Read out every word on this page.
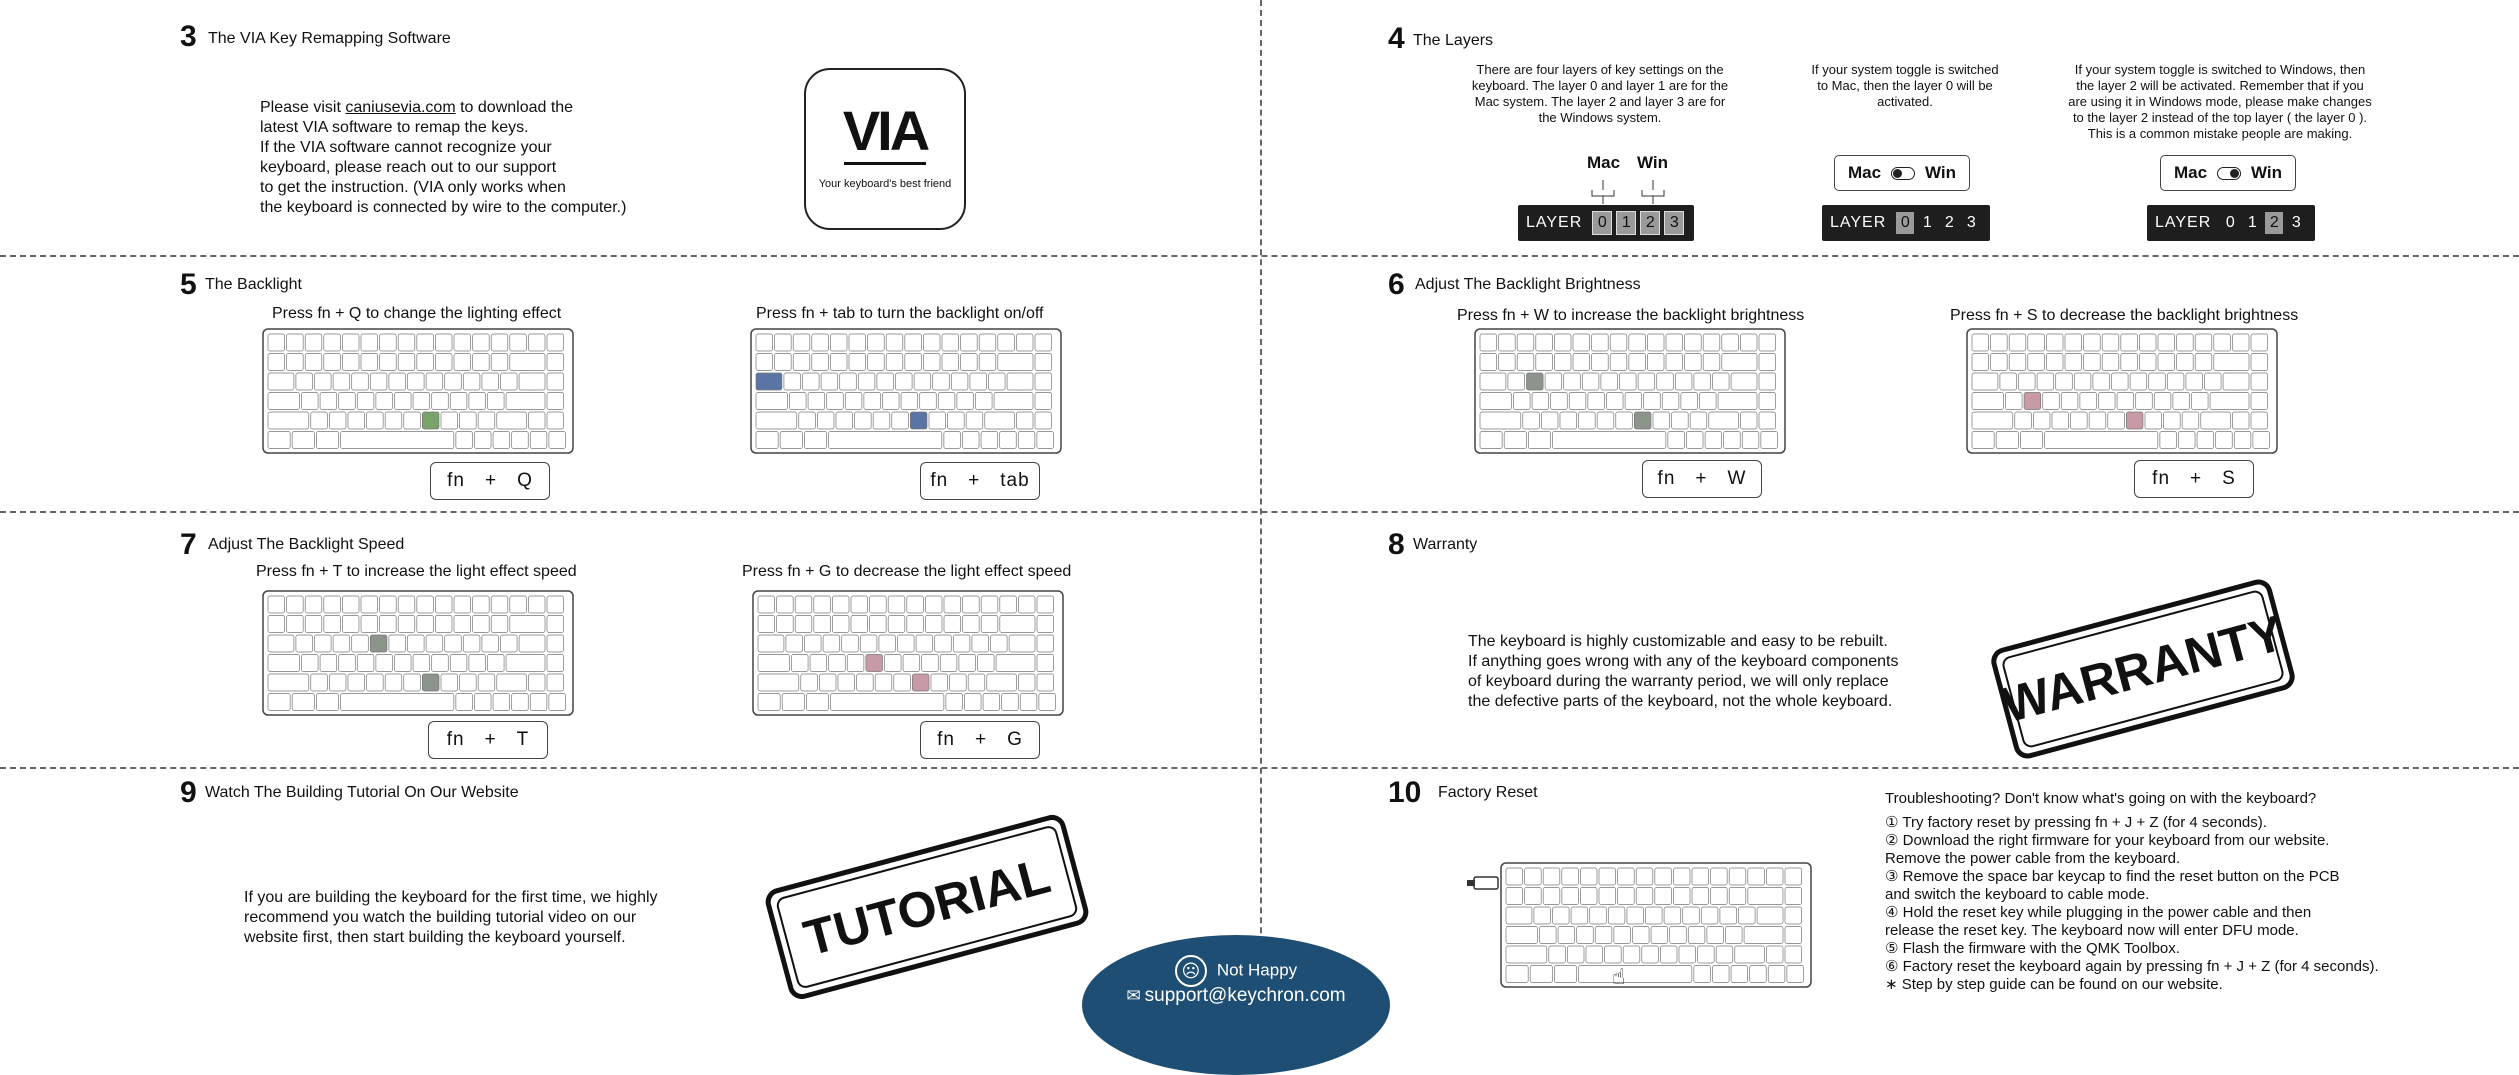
3 The VIA Key Remapping Software
Please visit caniusevia.com to download the
latest VIA software to remap the keys.
If the VIA software cannot recognize your
keyboard, please reach out to our support
to get the instruction. (VIA only works when
the keyboard is connected by wire to the computer.)
VIA
Your keyboard's best friend
4 The Layers
There are four layers of key settings on the
keyboard. The layer 0 and layer 1 are for the
Mac system. The layer 2 and layer 3 are for
the Windows system.
If your system toggle is switched
to Mac, then the layer 0 will be
activated.
If your system toggle is switched to Windows, then
the layer 2 will be activated. Remember that if you
are using it in Windows mode, please make changes
to the layer 2 instead of the top layer ( the layer 0 ).
This is a common mistake people are making.
Mac Win
LAYER 0 1 2 3
Mac	Win
LAYER 0 1 2 3
Mac	Win
LAYER 0 1 2 3
5 The Backlight
Press fn + Q to change the lighting effect	Press fn + tab to turn the backlight on/off
fn + Q	fn + tab
6 Adjust The Backlight Brightness
Press fn + W to increase the backlight brightness	Press fn + S to decrease the backlight brightness
fn + W	fn + S
7 Adjust The Backlight Speed
Press fn + T to increase the light effect speed	Press fn + G to decrease the light effect speed
fn + T	fn + G
8 Warranty
The keyboard is highly customizable and easy to be rebuilt.
If anything goes wrong with any of the keyboard components
of keyboard during the warranty period, we will only replace
the defective parts of the keyboard, not the whole keyboard.	WARRANTY
9 Watch The Building Tutorial On Our Website
If you are building the keyboard for the first time, we highly
recommend you watch the building tutorial video on our
website first, then start building the keyboard yourself.	TUTORIAL
10 Factory Reset
☝
Troubleshooting? Don't know what's going on with the keyboard?
① Try factory reset by pressing fn + J + Z (for 4 seconds).
② Download the right firmware for your keyboard from our website.
Remove the power cable from the keyboard.
③ Remove the space bar keycap to find the reset button on the PCB
and switch the keyboard to cable mode.
④ Hold the reset key while plugging in the power cable and then
release the reset key. The keyboard now will enter DFU mode.
⑤ Flash the firmware with the QMK Toolbox.
⑥ Factory reset the keyboard again by pressing fn + J + Z (for 4 seconds).
∗ Step by step guide can be found on our website.
☹ Not Happy
✉ support@keychron.com
